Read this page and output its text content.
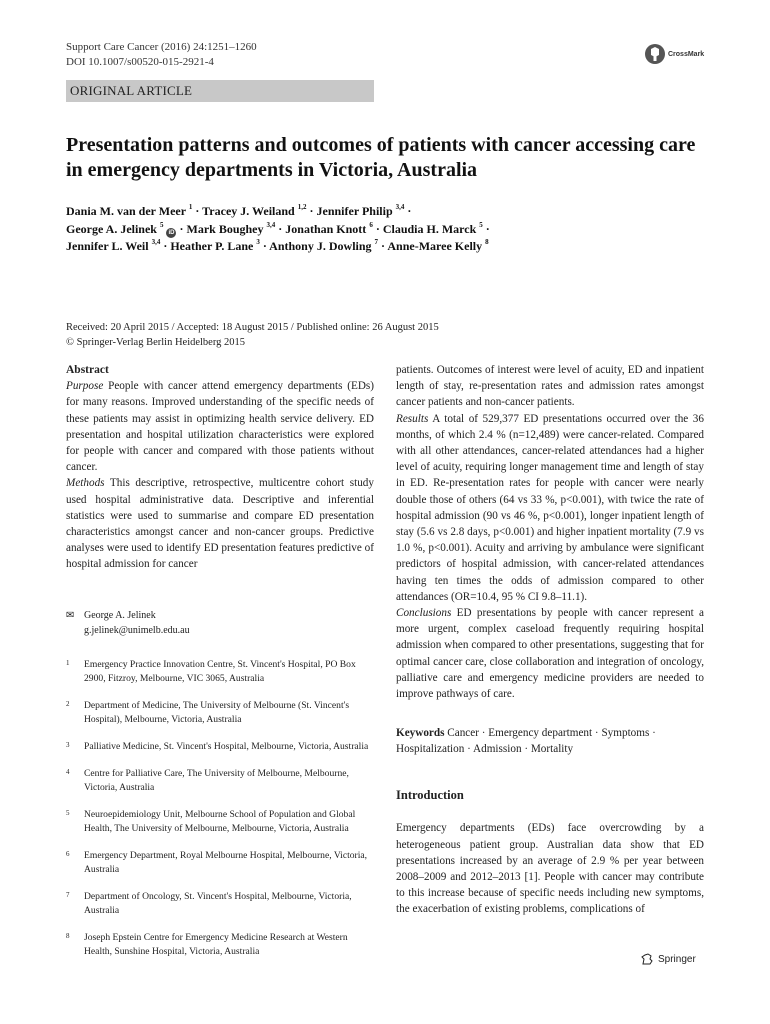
Support Care Cancer (2016) 24:1251–1260
DOI 10.1007/s00520-015-2921-4
CrossMark
ORIGINAL ARTICLE
Presentation patterns and outcomes of patients with cancer accessing care in emergency departments in Victoria, Australia
Dania M. van der Meer $^1$ · Tracey J. Weiland $^{1,2}$ · Jennifer Philip $^{3,4}$ ·
George A. Jelinek $^5$ iD · Mark Boughey $^{3,4}$ · Jonathan Knott $^6$ · Claudia H. Marck $^5$ ·
Jennifer L. Weil $^{3,4}$ · Heather P. Lane $^3$ · Anthony J. Dowling $^7$ · Anne-Maree Kelly $^8$
Received: 20 April 2015 / Accepted: 18 August 2015 / Published online: 26 August 2015
© Springer-Verlag Berlin Heidelberg 2015
Abstract

Purpose People with cancer attend emergency departments (EDs) for many reasons. Improved understanding of the specific needs of these patients may assist in optimizing health service delivery. ED presentation and hospital utilization characteristics were explored for people with cancer and compared with those patients without cancer.

Methods This descriptive, retrospective, multicentre cohort study used hospital administrative data. Descriptive and inferential statistics were used to summarise and compare ED presentation characteristics amongst cancer and non-cancer groups. Predictive analyses were used to identify ED presentation features predictive of hospital admission for cancer

✉ George A. Jelinek
g.jelinek@unimelb.edu.au
1 Emergency Practice Innovation Centre, St. Vincent's Hospital, PO Box 2900, Fitzroy, Melbourne, VIC 3065, Australia
2 Department of Medicine, The University of Melbourne (St. Vincent's Hospital), Melbourne, Victoria, Australia
3 Palliative Medicine, St. Vincent's Hospital, Melbourne, Victoria, Australia
4 Centre for Palliative Care, The University of Melbourne, Melbourne, Victoria, Australia
5 Neuroepidemiology Unit, Melbourne School of Population and Global Health, The University of Melbourne, Melbourne, Victoria, Australia
6 Emergency Department, Royal Melbourne Hospital, Melbourne, Victoria, Australia
7 Department of Oncology, St. Vincent's Hospital, Melbourne, Victoria, Australia
8 Joseph Epstein Centre for Emergency Medicine Research at Western Health, Sunshine Hospital, Victoria, Australia

patients. Outcomes of interest were level of acuity, ED and inpatient length of stay, re-presentation rates and admission rates amongst cancer patients and non-cancer patients.

Results A total of 529,377 ED presentations occurred over the 36 months, of which 2.4 % (n=12,489) were cancer-related. Compared with all other attendances, cancer-related attendances had a higher level of acuity, requiring longer management time and length of stay in ED. Re-presentation rates for people with cancer were nearly double those of others (64 vs 33 %, p<0.001), with twice the rate of hospital admission (90 vs 46 %, p<0.001), longer inpatient length of stay (5.6 vs 2.8 days, p<0.001) and higher inpatient mortality (7.9 vs 1.0 %, p<0.001). Acuity and arriving by ambulance were significant predictors of hospital admission, with cancer-related attendances having ten times the odds of admission compared to other attendances (OR=10.4, 95 % CI 9.8–11.1).

Conclusions ED presentations by people with cancer represent a more urgent, complex caseload frequently requiring hospital admission when compared to other presentations, suggesting that for optimal cancer care, close collaboration and integration of oncology, palliative care and emergency medicine providers are needed to improve pathways of care.

Keywords Cancer · Emergency department · Symptoms · Hospitalization · Admission · Mortality

Introduction

Emergency departments (EDs) face overcrowding by a heterogeneous patient group. Australian data show that ED presentations increased by an average of 2.9 % per year between 2008–2009 and 2012–2013 [1]. People with cancer may contribute to this increase because of specific needs including new symptoms, the exacerbation of existing problems, complications of

Springer
